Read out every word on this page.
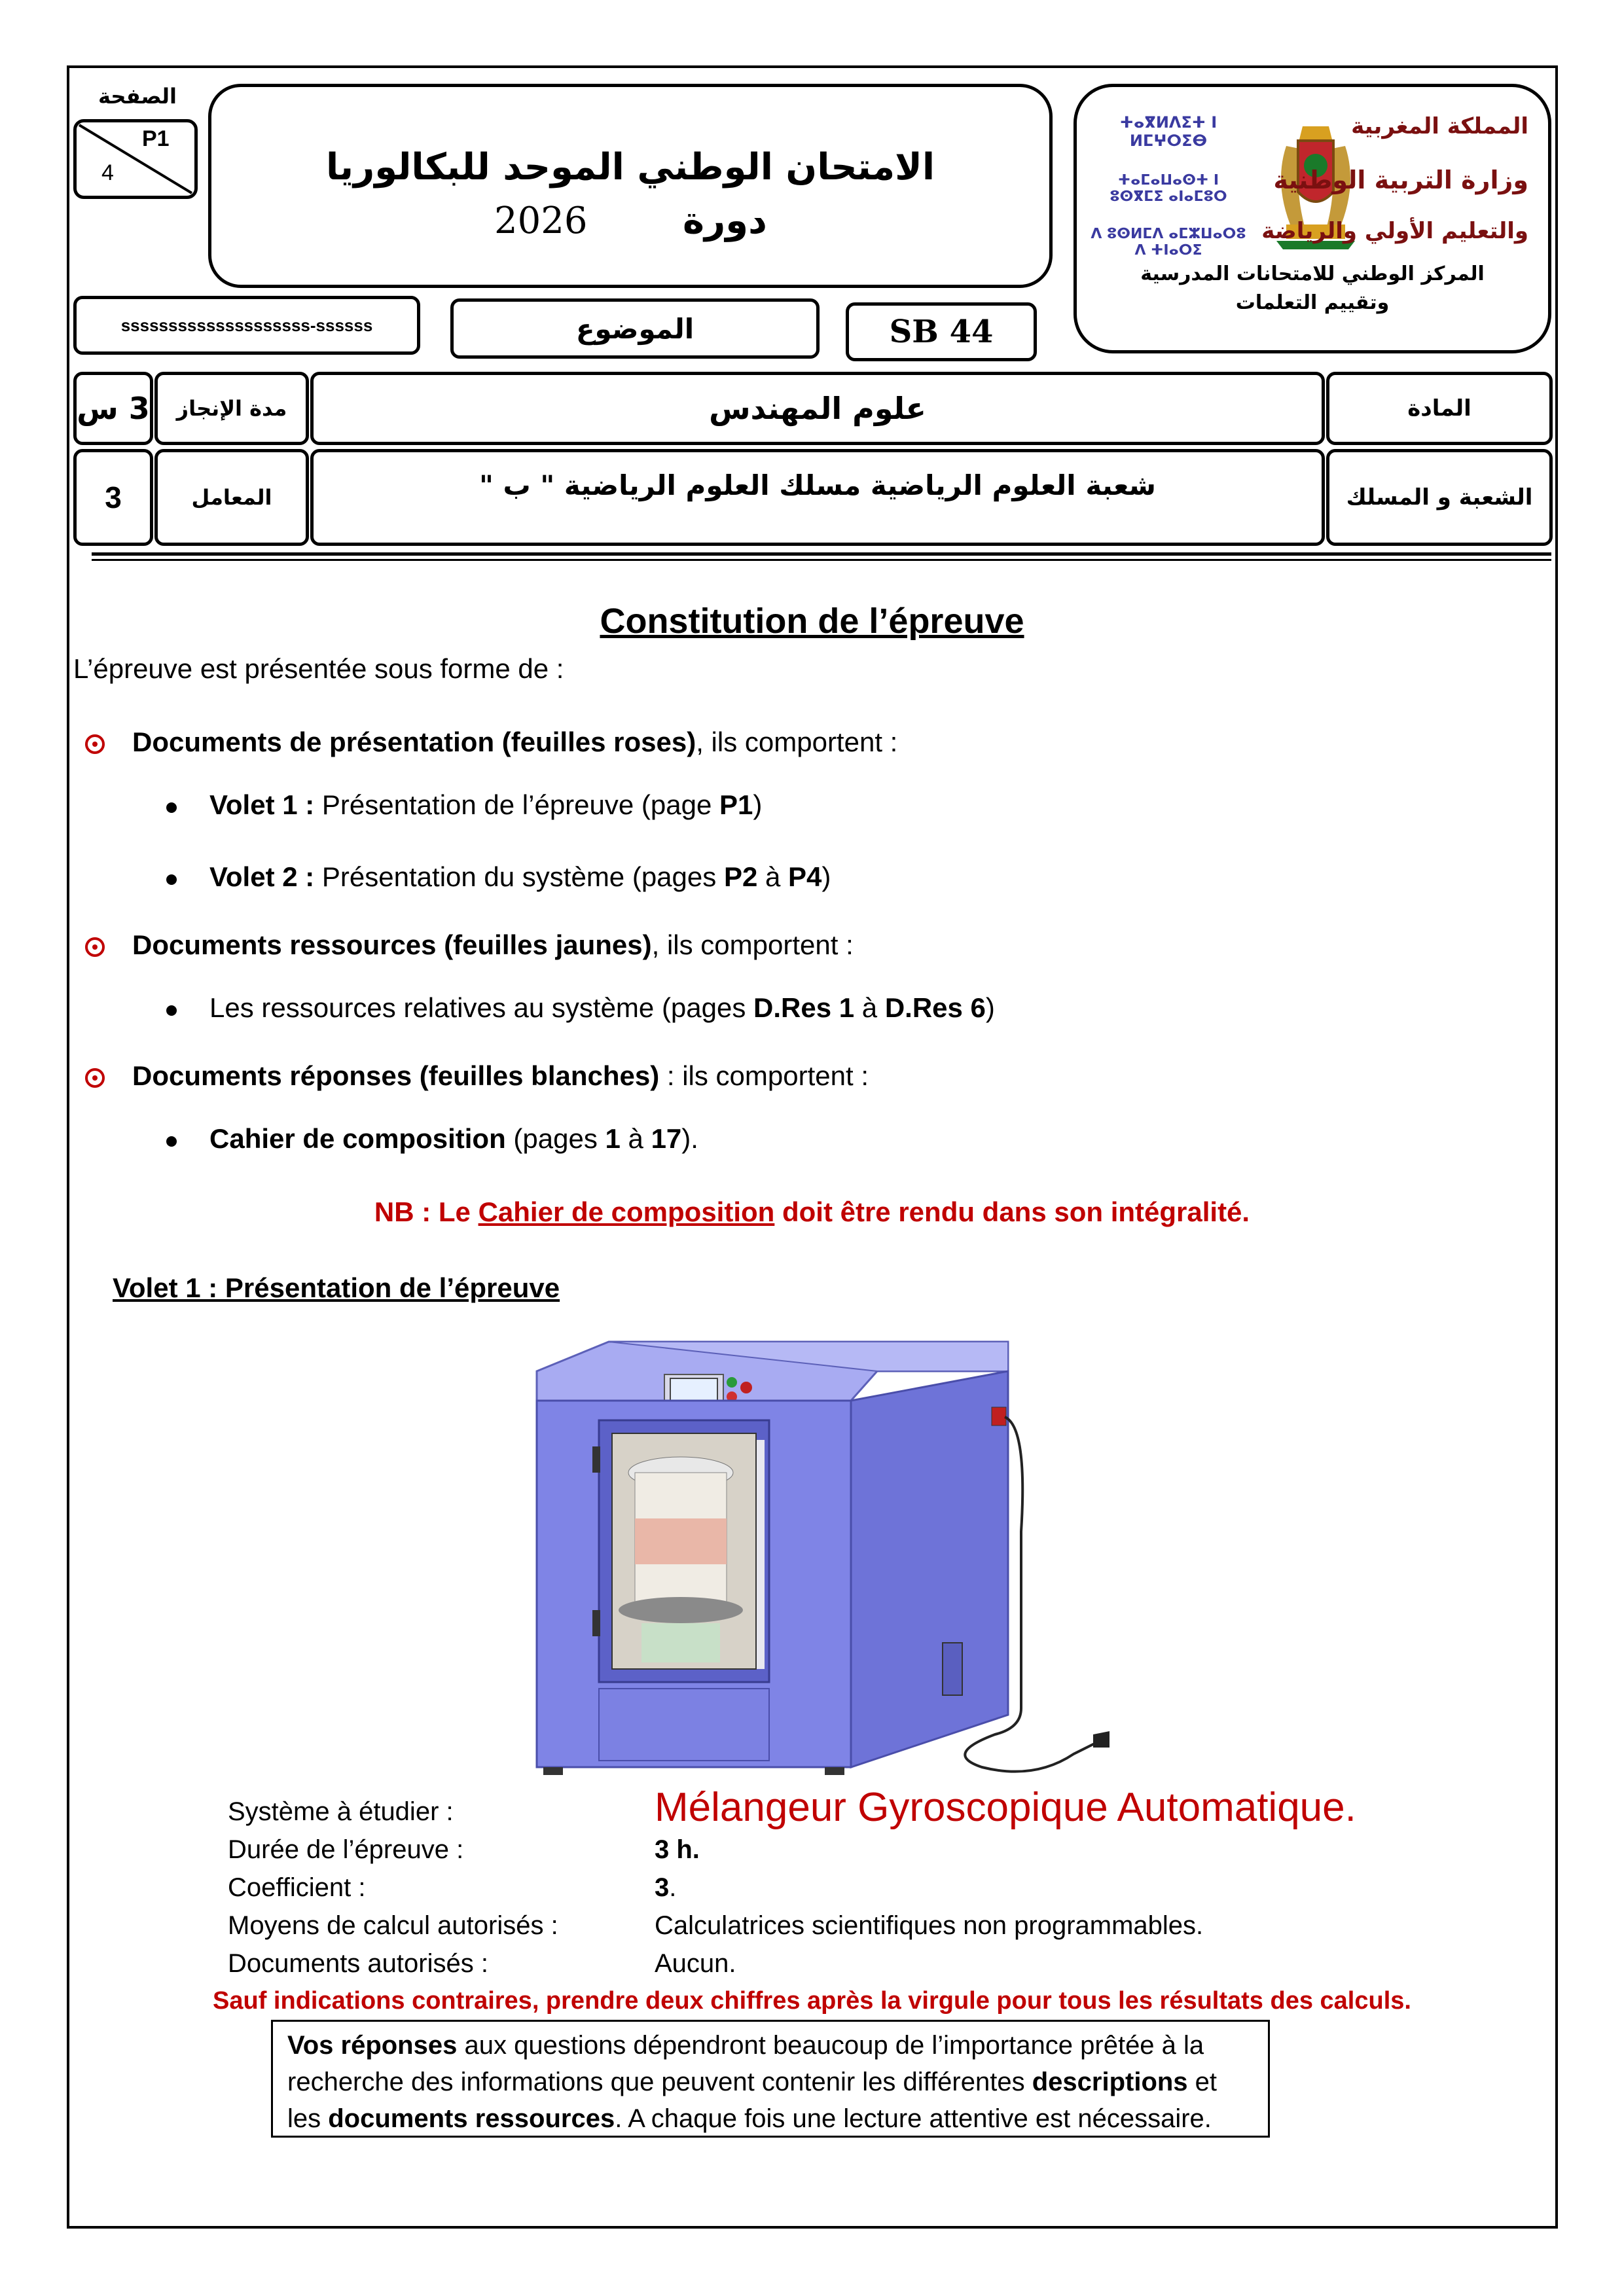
الصفحة
P1
4	الامتحان الوطني الموحد للبكالوريا
2026	دورة
ⵜⴰⴳⵍⴷⵉⵜ ⵏ ⵍⵎⵖⵔⵉⴱ
ⵜⴰⵎⴰⵡⴰⵙⵜ ⵏ ⵓⵙⴳⵎⵉ ⴰⵏⴰⵎⵓⵔ
ⴷ ⵓⵙⵍⵎⴷ ⴰⵎⵣⵡⴰⵔⵓ ⴷ ⵜⵏⴰⵔⵉ
المملكة المغربية
وزارة التربية الوطنية
والتعليم الأولي والرياضة
المركز الوطني للامتحانات المدرسية
وتقييم التعلمات
ssssssssssssssssssss-ssssss	الموضوع	SB 44
3 س مدة الإنجاز	علوم المهندس	المادة
3	المعامل	شعبة العلوم الرياضية مسلك العلوم الرياضية " ب "	الشعبة و المسلك
Constitution de l’épreuve
L’épreuve est présentée sous forme de :
Documents de présentation (feuilles roses), ils comportent :
Volet 1 : Présentation de l’épreuve (page P1)
Volet 2 : Présentation du système (pages P2 à P4)
Documents ressources (feuilles jaunes), ils comportent :
Les ressources relatives au système (pages D.Res 1 à D.Res 6)
Documents réponses (feuilles blanches) : ils comportent :
Cahier de composition (pages 1 à 17).
NB : Le Cahier de composition doit être rendu dans son intégralité.
Volet 1 : Présentation de l’épreuve
Système à étudier :	Mélangeur Gyroscopique Automatique.
Durée de l’épreuve :	3 h.
Coefficient :	3.
Moyens de calcul autorisés :	Calculatrices scientifiques non programmables.
Documents autorisés :	Aucun.
Sauf indications contraires, prendre deux chiffres après la virgule pour tous les résultats des calculs.
Vos réponses aux questions dépendront beaucoup de l’importance prêtée à la recherche des informations que peuvent contenir les différentes descriptions et les documents ressources. A chaque fois une lecture attentive est nécessaire.
